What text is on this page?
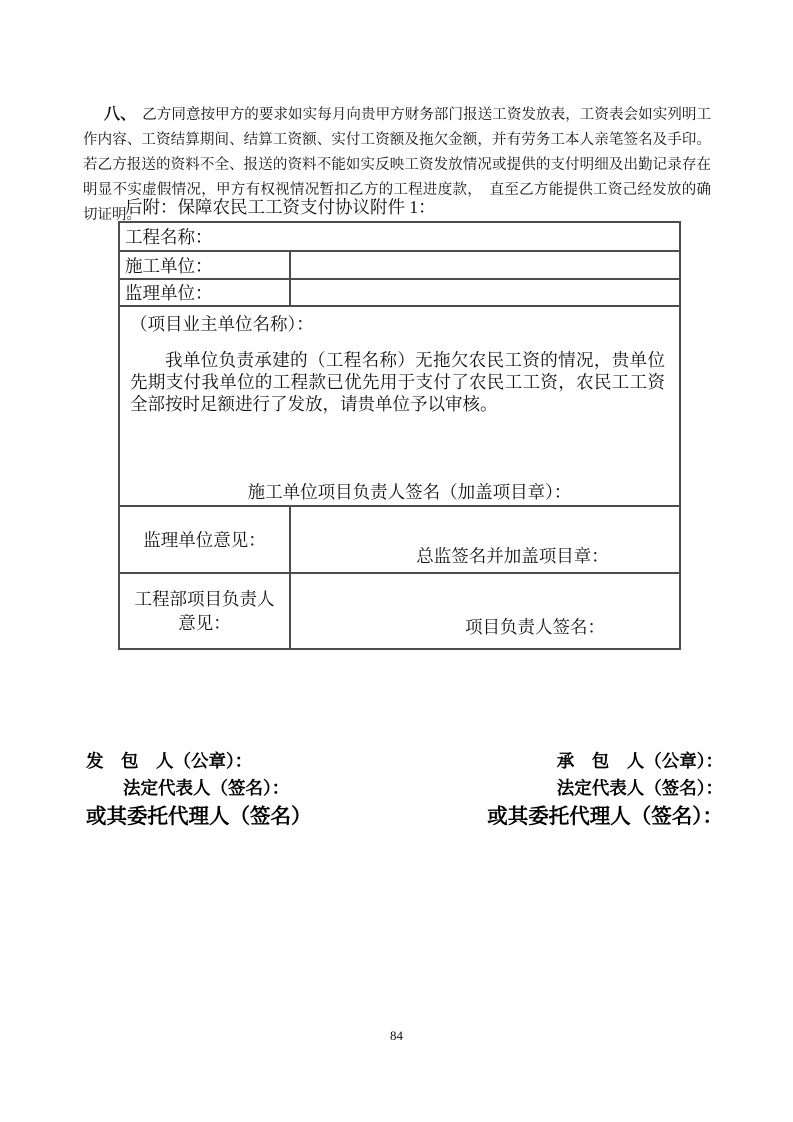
八、 乙方同意按甲方的要求如实每月向贵甲方财务部门报送工资发放表，工资表会如实列明工作内容、工资结算期间、结算工资额、实付工资额及拖欠金额，并有劳务工本人亲笔签名及手印。若乙方报送的资料不全、报送的资料不能如实反映工资发放情况或提供的支付明细及出勤记录存在明显不实虚假情况，甲方有权视情况暂扣乙方的工程进度款，　直至乙方能提供工资己经发放的确切证明。

后附：保障农民工工资支付协议附件 1：
工程名称：
施工单位：
监理单位：
（项目业主单位名称）：
我单位负责承建的（工程名称）无拖欠农民工资的情况，贵单位先期支付我单位的工程款已优先用于支付了农民工工资，农民工工资全部按时足额进行了发放，请贵单位予以审核。
施工单位项目负责人签名（加盖项目章）：
监理单位意见：
总监签名并加盖项目章：
工程部项目负责人意见：	项目负责人签名：
发　包　人（公章）：
法定代表人（签名）：
或其委托代理人（签名）
承　包　人（公章）：
法定代表人（签名）：
或其委托代理人（签名）：
84
